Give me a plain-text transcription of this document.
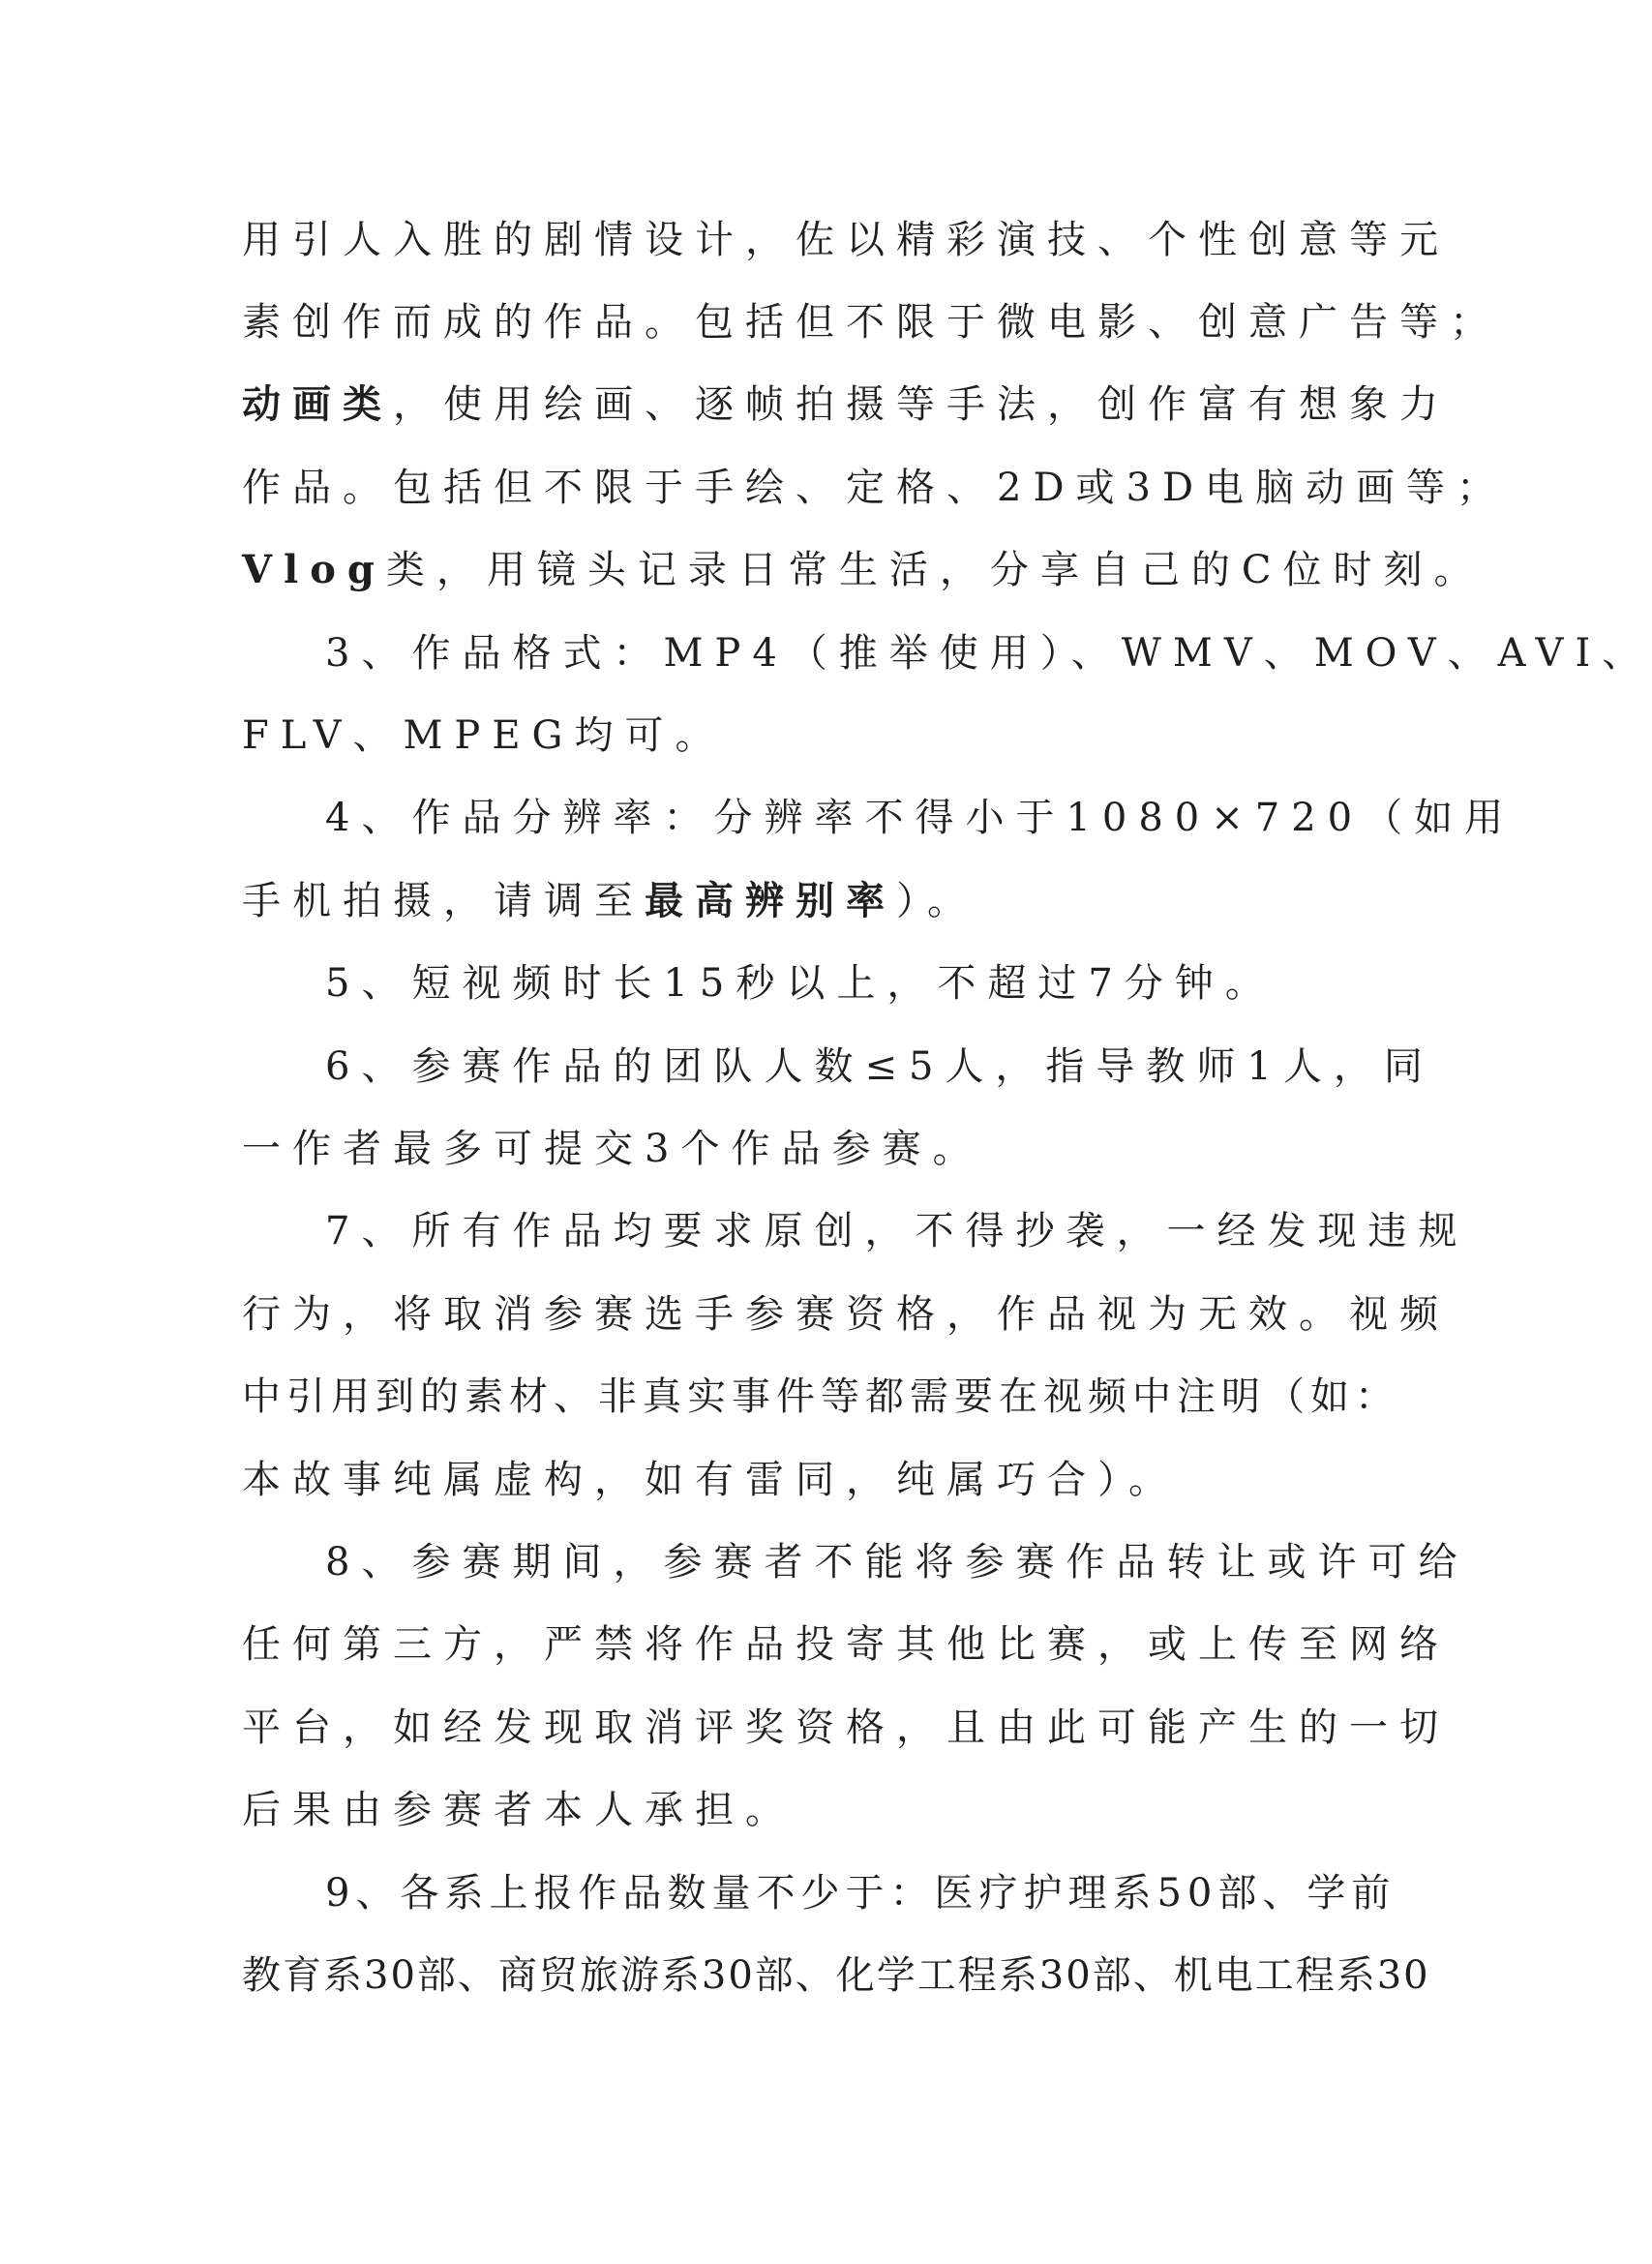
用引人入胜的剧情设计，佐以精彩演技、个性创意等元
素创作而成的作品。包括但不限于微电影、创意广告等；
动画类，使用绘画、逐帧拍摄等手法，创作富有想象力
作品。包括但不限于手绘、定格、2D或3D电脑动画等；
Vlog类，用镜头记录日常生活，分享自己的C位时刻。
3、作品格式：MP4（推举使用）、WMV、MOV、AVI、
FLV、MPEG均可。
4、作品分辨率：分辨率不得小于1080×720（如用
手机拍摄，请调至最高辨别率）。
5、短视频时长15秒以上，不超过7分钟。
6、参赛作品的团队人数≤5人，指导教师1人，同
一作者最多可提交3个作品参赛。
7、所有作品均要求原创，不得抄袭，一经发现违规
行为，将取消参赛选手参赛资格，作品视为无效。视频
中引用到的素材、非真实事件等都需要在视频中注明（如：
本故事纯属虚构，如有雷同，纯属巧合）。
8、参赛期间，参赛者不能将参赛作品转让或许可给
任何第三方，严禁将作品投寄其他比赛，或上传至网络
平台，如经发现取消评奖资格，且由此可能产生的一切
后果由参赛者本人承担。
9、各系上报作品数量不少于：医疗护理系50部、学前
教育系30部、商贸旅游系30部、化学工程系30部、机电工程系30
